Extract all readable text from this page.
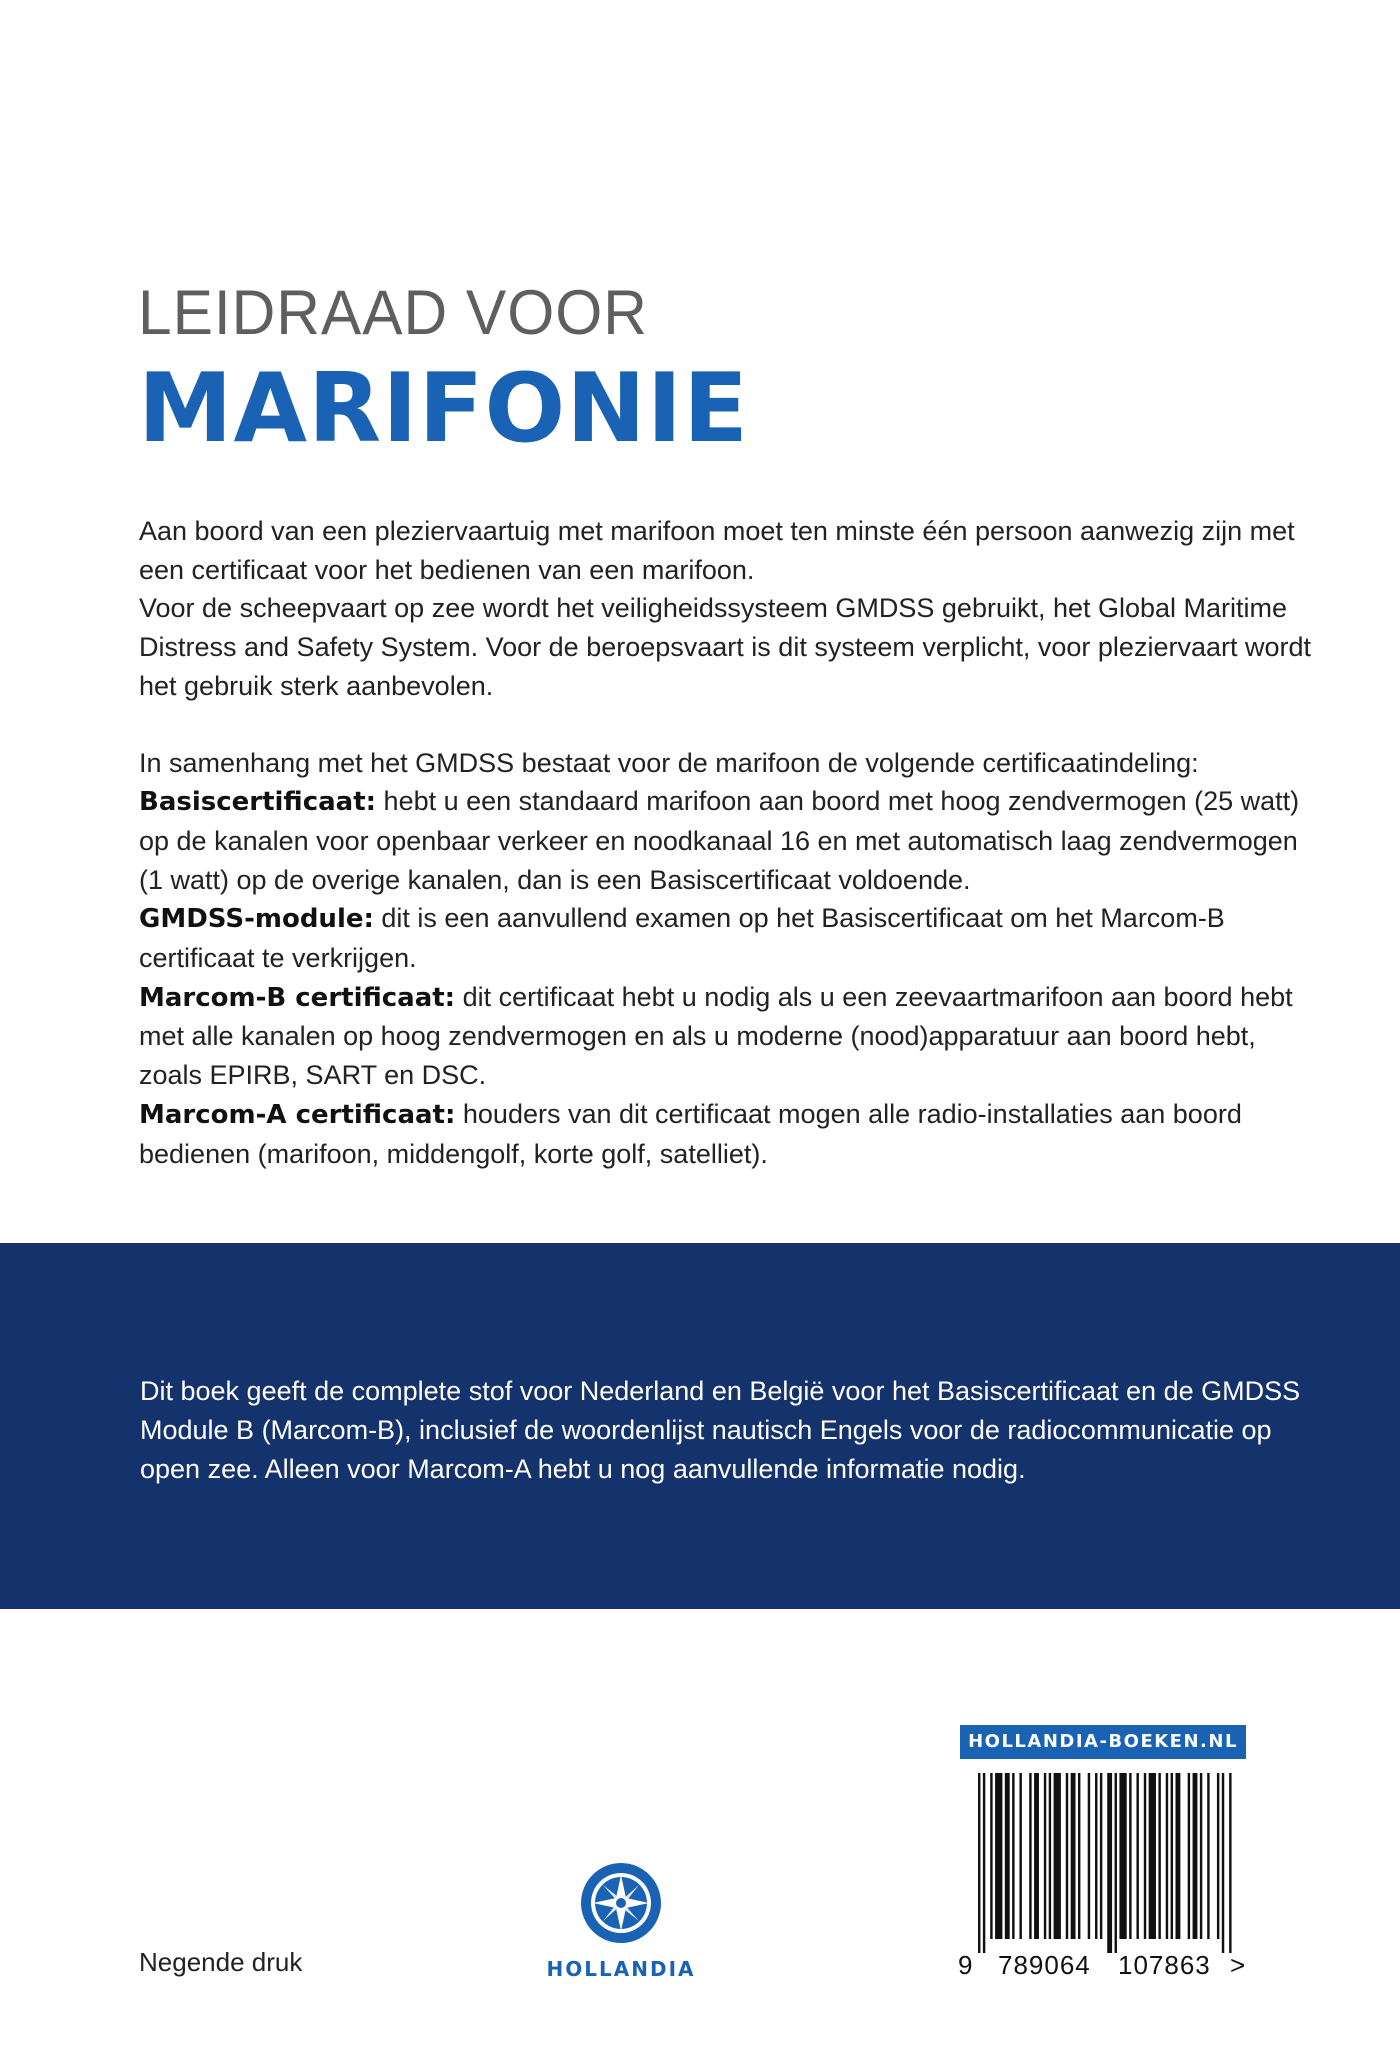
LEIDRAAD VOOR
MARIFONIE

Aan boord van een pleziervaartuig met marifoon moet ten minste één persoon aanwezig zijn met een certificaat voor het bedienen van een marifoon.

Voor de scheepvaart op zee wordt het veiligheidssysteem GMDSS gebruikt, het Global Maritime Distress and Safety System. Voor de beroepsvaart is dit systeem verplicht, voor pleziervaart wordt het gebruik sterk aanbevolen.

In samenhang met het GMDSS bestaat voor de marifoon de volgende certificaatindeling:

Basiscertificaat: hebt u een standaard marifoon aan boord met hoog zendvermogen (25 watt) op de kanalen voor openbaar verkeer en noodkanaal 16 en met automatisch laag zendvermogen (1 watt) op de overige kanalen, dan is een Basiscertificaat voldoende.

GMDSS-module: dit is een aanvullend examen op het Basiscertificaat om het Marcom-B certificaat te verkrijgen.

Marcom-B certificaat: dit certificaat hebt u nodig als u een zeevaartmarifoon aan boord hebt met alle kanalen op hoog zendvermogen en als u moderne (nood)apparatuur aan boord hebt, zoals EPIRB, SART en DSC.

Marcom-A certificaat: houders van dit certificaat mogen alle radio-installaties aan boord bedienen (marifoon, middengolf, korte golf, satelliet).

Dit boek geeft de complete stof voor Nederland en België voor het Basiscertificaat en de GMDSS Module B (Marcom-B), inclusief de woordenlijst nautisch Engels voor de radiocommunicatie op open zee. Alleen voor Marcom-A hebt u nog aanvullende informatie nodig.

Negende druk	HOLLANDIA
HOLLANDIA-BOEKEN.NL

9 789064 107863 >
